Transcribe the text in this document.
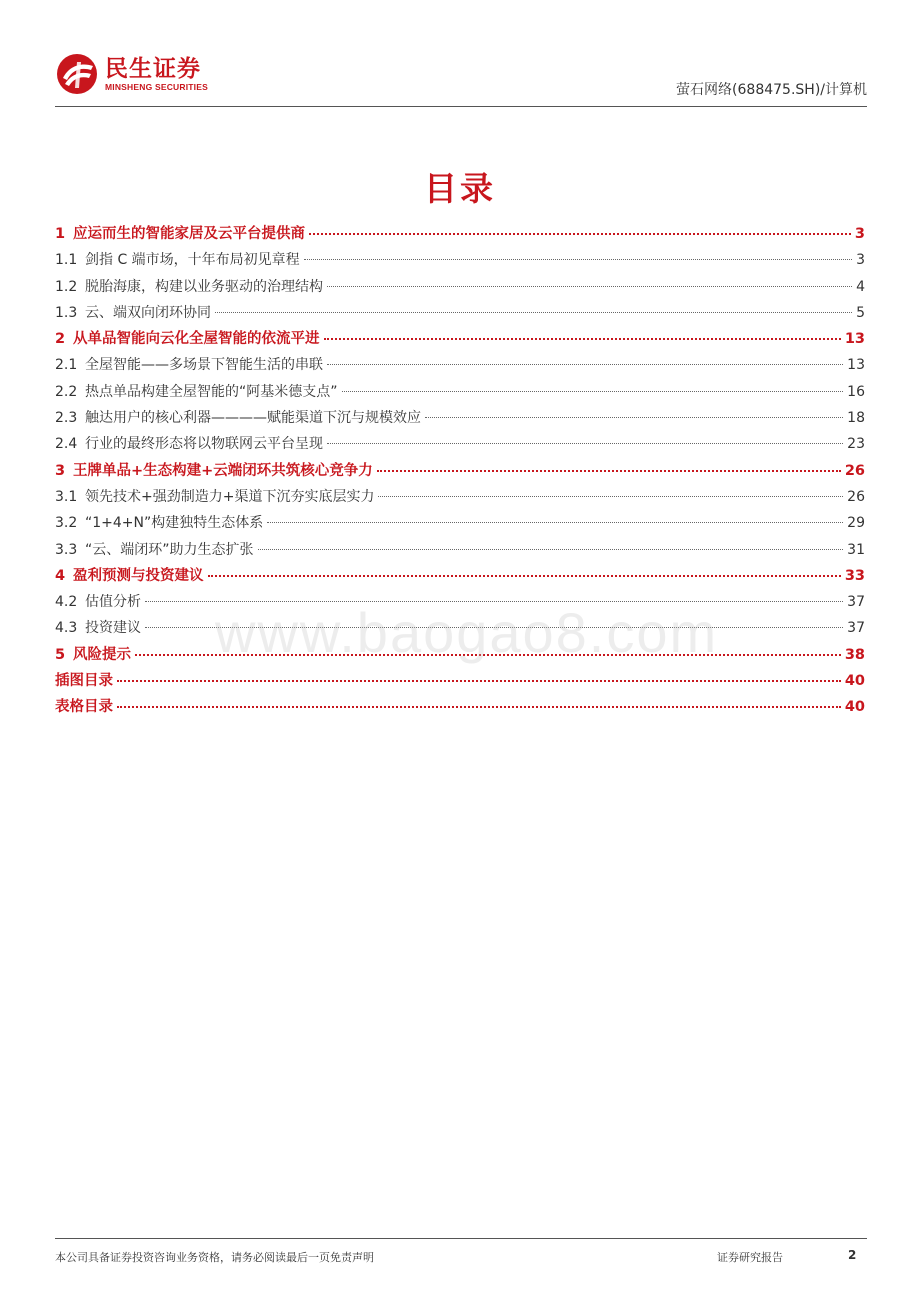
民生证券
MINSHENG SECURITIES	萤石网络(688475.SH)/计算机
目录
1 应运而生的智能家居及云平台提供商	3
1.1 剑指 C 端市场，十年布局初见章程	3
1.2 脱胎海康，构建以业务驱动的治理结构	4
1.3 云、端双向闭环协同	5
2 从单品智能向云化全屋智能的依流平进	13
2.1 全屋智能——多场景下智能生活的串联	13
2.2 热点单品构建全屋智能的“阿基米德支点”	16
2.3 触达用户的核心利器————赋能渠道下沉与规模效应	18
2.4 行业的最终形态将以物联网云平台呈现	23
3 王牌单品+生态构建+云端闭环共筑核心竞争力	26
3.1 领先技术+强劲制造力+渠道下沉夯实底层实力	26
3.2 “1+4+N”构建独特生态体系	29
3.3 “云、端闭环”助力生态扩张	31
4 盈利预测与投资建议	33
4.2 估值分析	37
4.3 投资建议	37
5 风险提示	38
插图目录	40
表格目录	40
www.baogao8.com
本公司具备证券投资咨询业务资格，请务必阅读最后一页免责声明	证券研究报告	2
